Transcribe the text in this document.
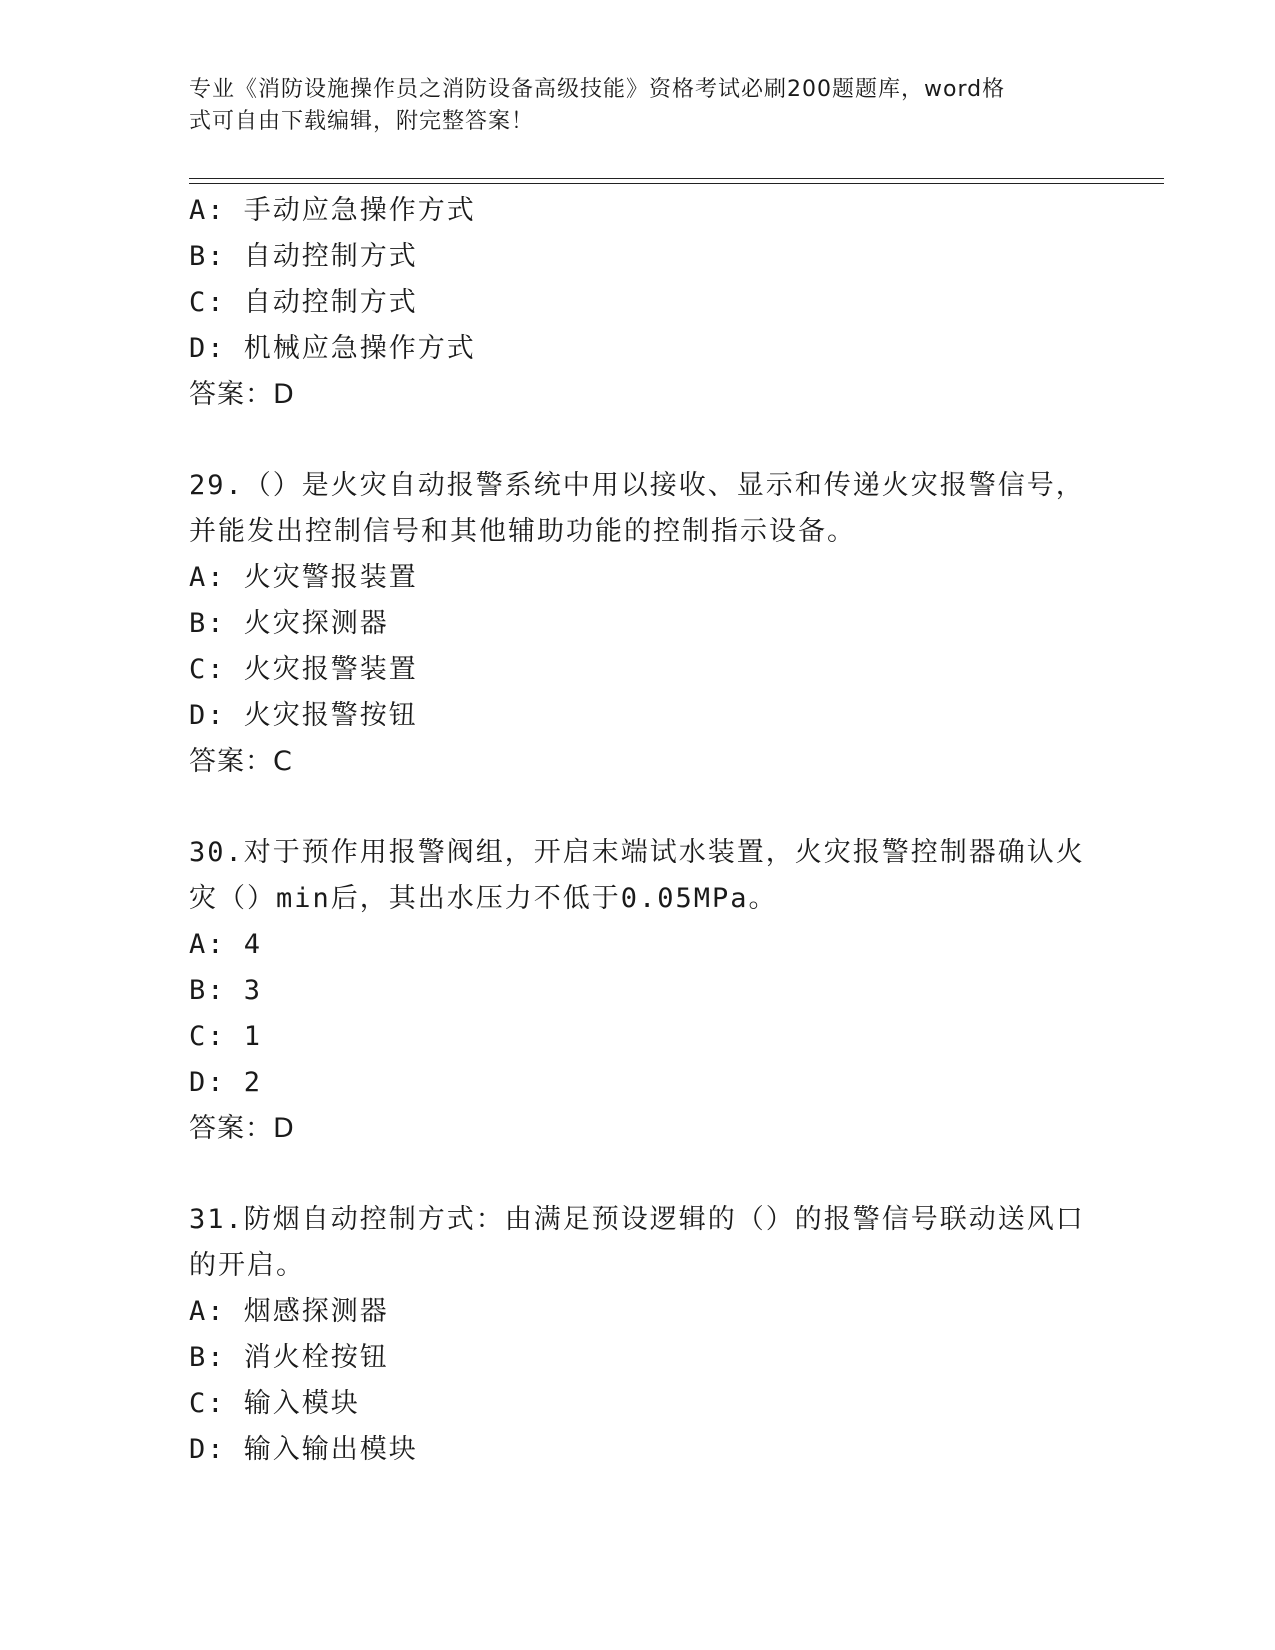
专业《消防设施操作员之消防设备高级技能》资格考试必刷200题题库，word格
式可自由下载编辑，附完整答案！
A: 手动应急操作方式
B: 自动控制方式
C: 自动控制方式
D: 机械应急操作方式
答案：D
29.（）是火灾自动报警系统中用以接收、显示和传递火灾报警信号，
并能发出控制信号和其他辅助功能的控制指示设备。
A: 火灾警报装置
B: 火灾探测器
C: 火灾报警装置
D: 火灾报警按钮
答案：C
30.对于预作用报警阀组，开启末端试水装置，火灾报警控制器确认火
灾（）min后，其出水压力不低于0.05MPa。
A: 4
B: 3
C: 1
D: 2
答案：D
31.防烟自动控制方式：由满足预设逻辑的（）的报警信号联动送风口
的开启。
A: 烟感探测器
B: 消火栓按钮
C: 输入模块
D: 输入输出模块
